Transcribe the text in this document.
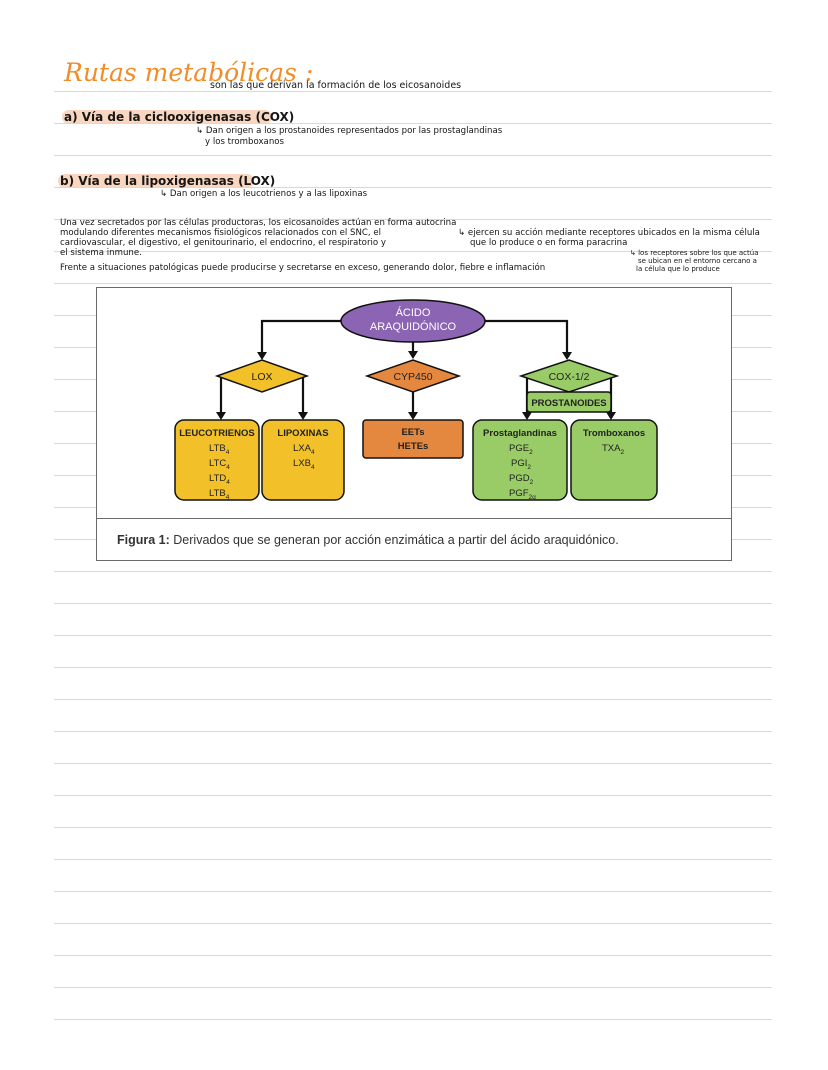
Rutas metabólicas :
son las que derivan la formación de los eicosanoides
a) Vía de la ciclooxigenasas (COX)
↳ Dan origen a los prostanoides representados por las prostaglandinas
y los tromboxanos
b) Vía de la lipoxigenasas (LOX)
↳ Dan origen a los leucotrienos y a las lipoxinas
Una vez secretados por las células productoras, los eicosanoides actúan en forma autocrina
modulando diferentes mecanismos fisiológicos relacionados con el SNC, el
cardiovascular, el digestivo, el genitourinario, el endocrino, el respiratorio y
el sistema inmune.
Frente a situaciones patológicas puede producirse y secretarse en exceso, generando dolor, fiebre e inflamación
↳ ejercen su acción mediante receptores ubicados en la misma célula
que lo produce o en forma paracrina
↳ los receptores sobre los que actúa
se ubican en el entorno cercano a
la célula que lo produce
ÁCIDO
ARAQUIDÓNICO
LOX	CYP450	COX-1/2
PROSTANOIDES
LEUCOTRIENOS
$LTB_4$
$LTC_4$
$LTD_4$
$LTB_4$
LIPOXINAS
$LXA_4$
$LXB_4$
EETs
HETEs
Prostaglandinas
$PGE_2$
$PGI_2$
$PGD_2$
$PGF_{2\alpha}$
Tromboxanos
$TXA_2$
Figura 1: Derivados que se generan por acción enzimática a partir del ácido araquidónico.
